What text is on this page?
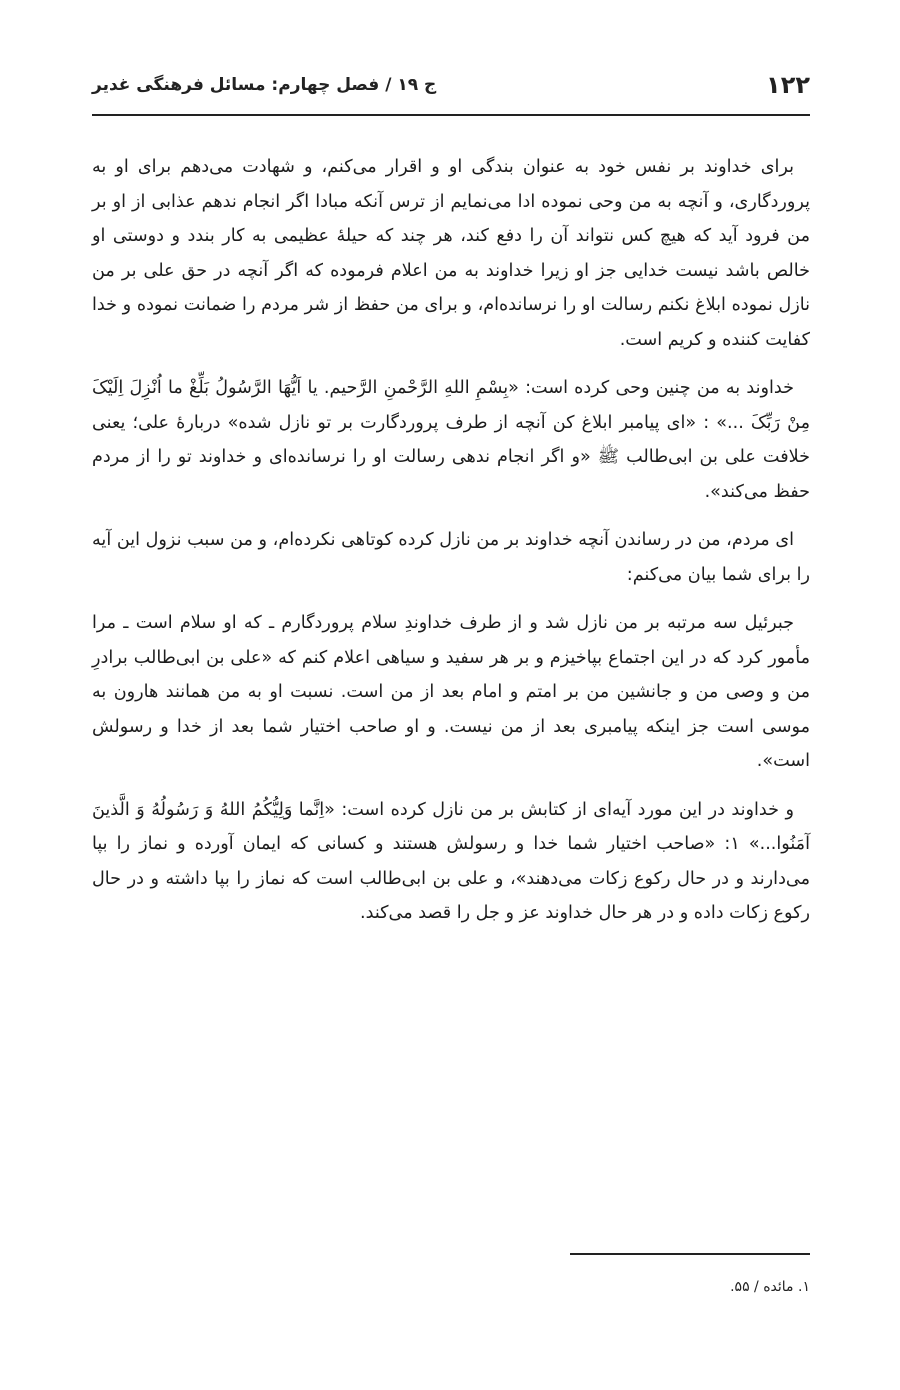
۱۲۲
ج ۱۹ / فصل چهارم: مسائل فرهنگی غدیر

برای خداوند بر نفس خود به عنوان بندگی او و اقرار می‌کنم، و شهادت می‌دهم برای او به پروردگاری، و آنچه به من وحی نموده ادا می‌نمایم از ترس آنکه مبادا اگر انجام ندهم عذابی از او بر من فرود آید که هیچ کس نتواند آن را دفع کند، هر چند که حیلهٔ عظیمی به کار بندد و دوستی او خالص باشد نیست خدایی جز او زیرا خداوند به من اعلام فرموده که اگر آنچه در حق علی بر من نازل نموده ابلاغ نکنم رسالت او را نرسانده‌ام، و برای من حفظ از شر مردم را ضمانت نموده و خدا کفایت کننده و کریم است.

خداوند به من چنین وحی کرده است: «بِسْمِ اللهِ الرَّحْمنِ الرَّحیم. یا اَیُّهَا الرَّسُولُ بَلِّغْ ما اُنْزِلَ اِلَیْکَ مِنْ رَبِّکَ ...» : «ای پیامبر ابلاغ کن آنچه از طرف پروردگارت بر تو نازل شده» دربارهٔ علی؛ یعنی خلافت علی بن ابی‌طالب ﷺ «و اگر انجام ندهی رسالت او را نرسانده‌ای و خداوند تو را از مردم حفظ می‌کند».

ای مردم، من در رساندن آنچه خداوند بر من نازل کرده کوتاهی نکرده‌ام، و من سبب نزول این آیه را برای شما بیان می‌کنم:

جبرئیل سه مرتبه بر من نازل شد و از طرف خداوندِ سلام پروردگارم ـ که او سلام است ـ مرا مأمور کرد که در این اجتماع بپاخیزم و بر هر سفید و سیاهی اعلام کنم که «علی بن ابی‌طالب برادرِ من و وصی من و جانشین من بر امتم و امام بعد از من است. نسبت او به من همانند هارون به موسی است جز اینکه پیامبری بعد از من نیست. و او صاحب اختیار شما بعد از خدا و رسولش است».

و خداوند در این مورد آیه‌ای از کتابش بر من نازل کرده است: «اِنَّما وَلِیُّکُمُ اللهُ وَ رَسُولُهُ وَ الَّذینَ آمَنُوا...» ۱: «صاحب اختیار شما خدا و رسولش هستند و کسانی که ایمان آورده و نماز را بپا می‌دارند و در حال رکوع زکات می‌دهند»، و علی بن ابی‌طالب است که نماز را بپا داشته و در حال رکوع زکات داده و در هر حال خداوند عز و جل را قصد می‌کند.

۱. مائده / ۵۵.
